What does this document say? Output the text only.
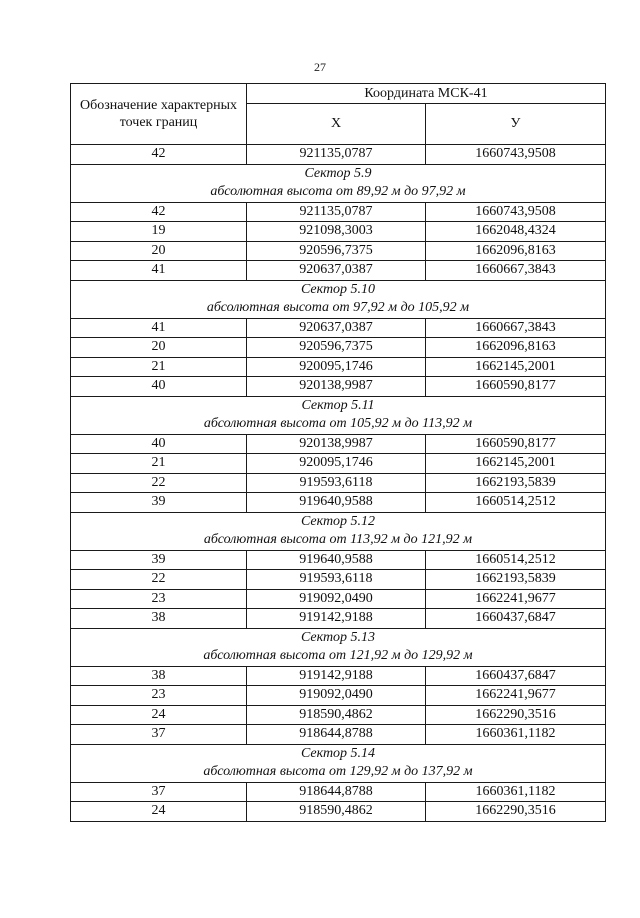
27
Обозначение характерных точек границ	Координата МСК-41	
	X	У
42	921135,0787	1660743,9508
Сектор 5.9		
абсолютная высота от 89,92 м до 97,92 м		
42	921135,0787	1660743,9508
19	921098,3003	1662048,4324
20	920596,7375	1662096,8163
41	920637,0387	1660667,3843
Сектор 5.10		
абсолютная высота от 97,92 м до 105,92 м		
41	920637,0387	1660667,3843
20	920596,7375	1662096,8163
21	920095,1746	1662145,2001
40	920138,9987	1660590,8177
Сектор 5.11		
абсолютная высота от 105,92 м до 113,92 м		
40	920138,9987	1660590,8177
21	920095,1746	1662145,2001
22	919593,6118	1662193,5839
39	919640,9588	1660514,2512
Сектор 5.12		
абсолютная высота от 113,92 м до 121,92 м		
39	919640,9588	1660514,2512
22	919593,6118	1662193,5839
23	919092,0490	1662241,9677
38	919142,9188	1660437,6847
Сектор 5.13		
абсолютная высота от 121,92 м до 129,92 м		
38	919142,9188	1660437,6847
23	919092,0490	1662241,9677
24	918590,4862	1662290,3516
37	918644,8788	1660361,1182
Сектор 5.14		
абсолютная высота от 129,92 м до 137,92 м		
37	918644,8788	1660361,1182
24	918590,4862	1662290,3516
